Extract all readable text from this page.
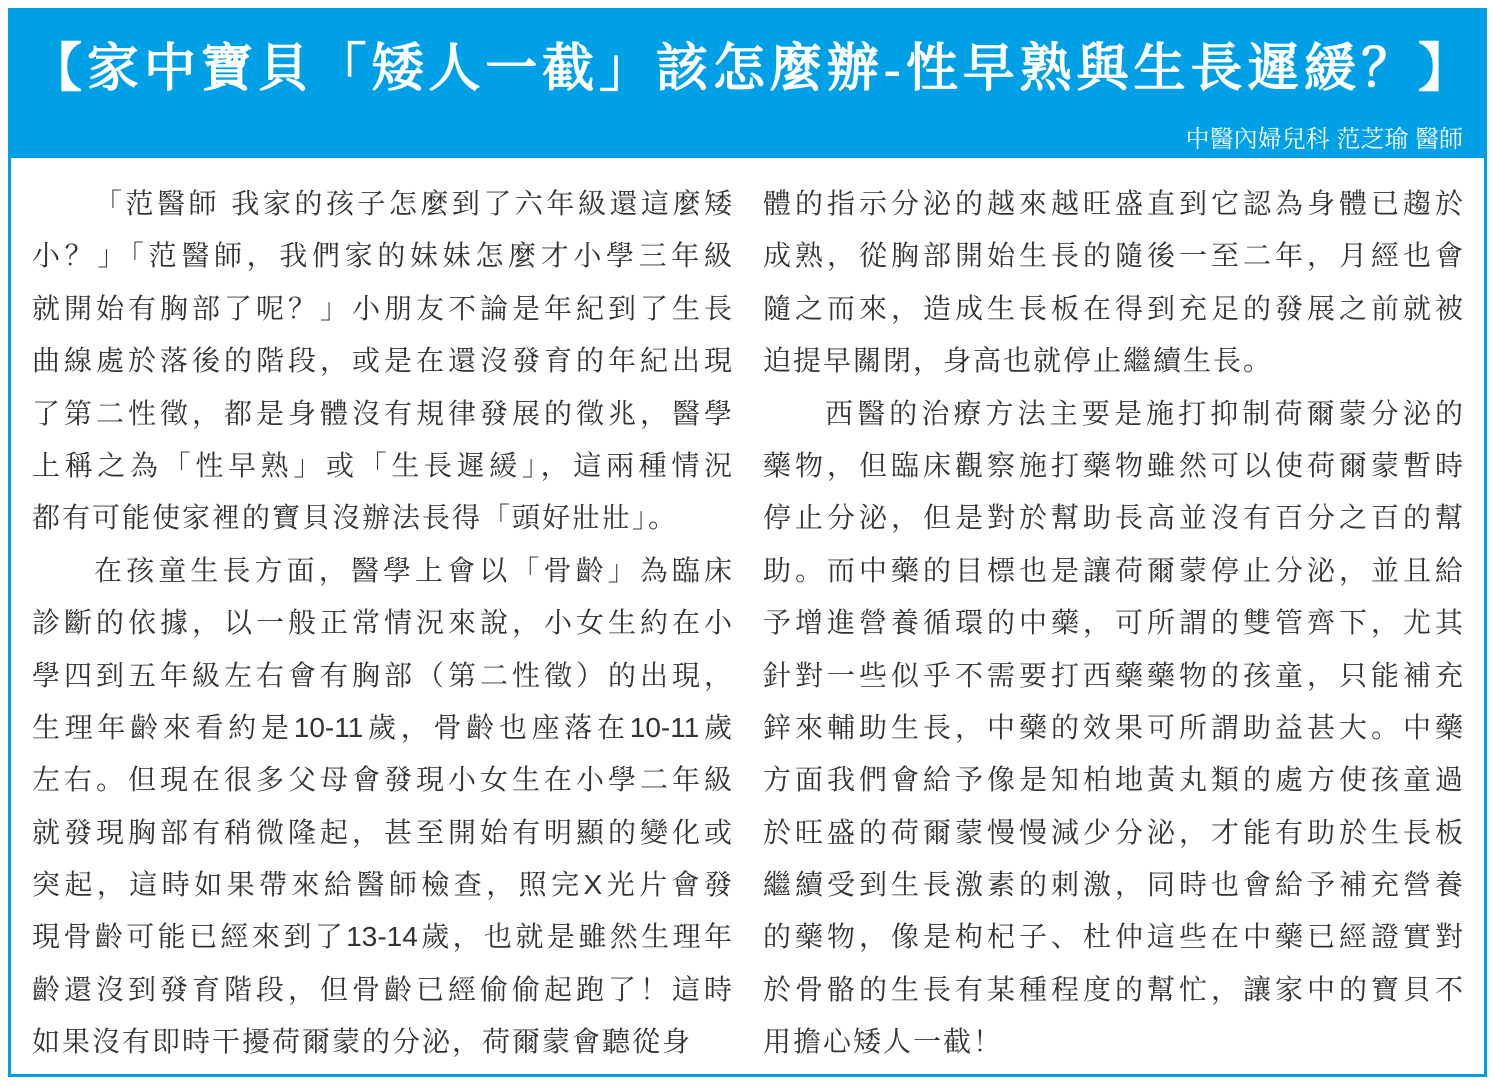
【家中寶貝「矮人一截」該怎麼辦-性早熟與生長遲緩？】
中醫內婦兒科 范芝瑜 醫師
「范醫師 我家的孩子怎麼到了六年級還這麼矮
小？」「范醫師，我們家的妹妹怎麼才小學三年級
就開始有胸部了呢？」小朋友不論是年紀到了生長
曲線處於落後的階段，或是在還沒發育的年紀出現
了第二性徵，都是身體沒有規律發展的徵兆，醫學
上稱之為「性早熟」或「生長遲緩」，這兩種情況
都有可能使家裡的寶貝沒辦法長得「頭好壯壯」。
在孩童生長方面，醫學上會以「骨齡」為臨床
診斷的依據，以一般正常情況來說，小女生約在小
學四到五年級左右會有胸部（第二性徵）的出現，
生理年齡來看約是10-11歲，骨齡也座落在10-11歲
左右。但現在很多父母會發現小女生在小學二年級
就發現胸部有稍微隆起，甚至開始有明顯的變化或
突起，這時如果帶來給醫師檢查，照完X光片會發
現骨齡可能已經來到了13-14歲，也就是雖然生理年
齡還沒到發育階段，但骨齡已經偷偷起跑了！這時
如果沒有即時干擾荷爾蒙的分泌，荷爾蒙會聽從身
體的指示分泌的越來越旺盛直到它認為身體已趨於
成熟，從胸部開始生長的隨後一至二年，月經也會
隨之而來，造成生長板在得到充足的發展之前就被
迫提早關閉，身高也就停止繼續生長。
西醫的治療方法主要是施打抑制荷爾蒙分泌的
藥物，但臨床觀察施打藥物雖然可以使荷爾蒙暫時
停止分泌，但是對於幫助長高並沒有百分之百的幫
助。而中藥的目標也是讓荷爾蒙停止分泌，並且給
予增進營養循環的中藥，可所謂的雙管齊下，尤其
針對一些似乎不需要打西藥藥物的孩童，只能補充
鋅來輔助生長，中藥的效果可所謂助益甚大。中藥
方面我們會給予像是知柏地黃丸類的處方使孩童過
於旺盛的荷爾蒙慢慢減少分泌，才能有助於生長板
繼續受到生長激素的刺激，同時也會給予補充營養
的藥物，像是枸杞子、杜仲這些在中藥已經證實對
於骨骼的生長有某種程度的幫忙，讓家中的寶貝不
用擔心矮人一截！
